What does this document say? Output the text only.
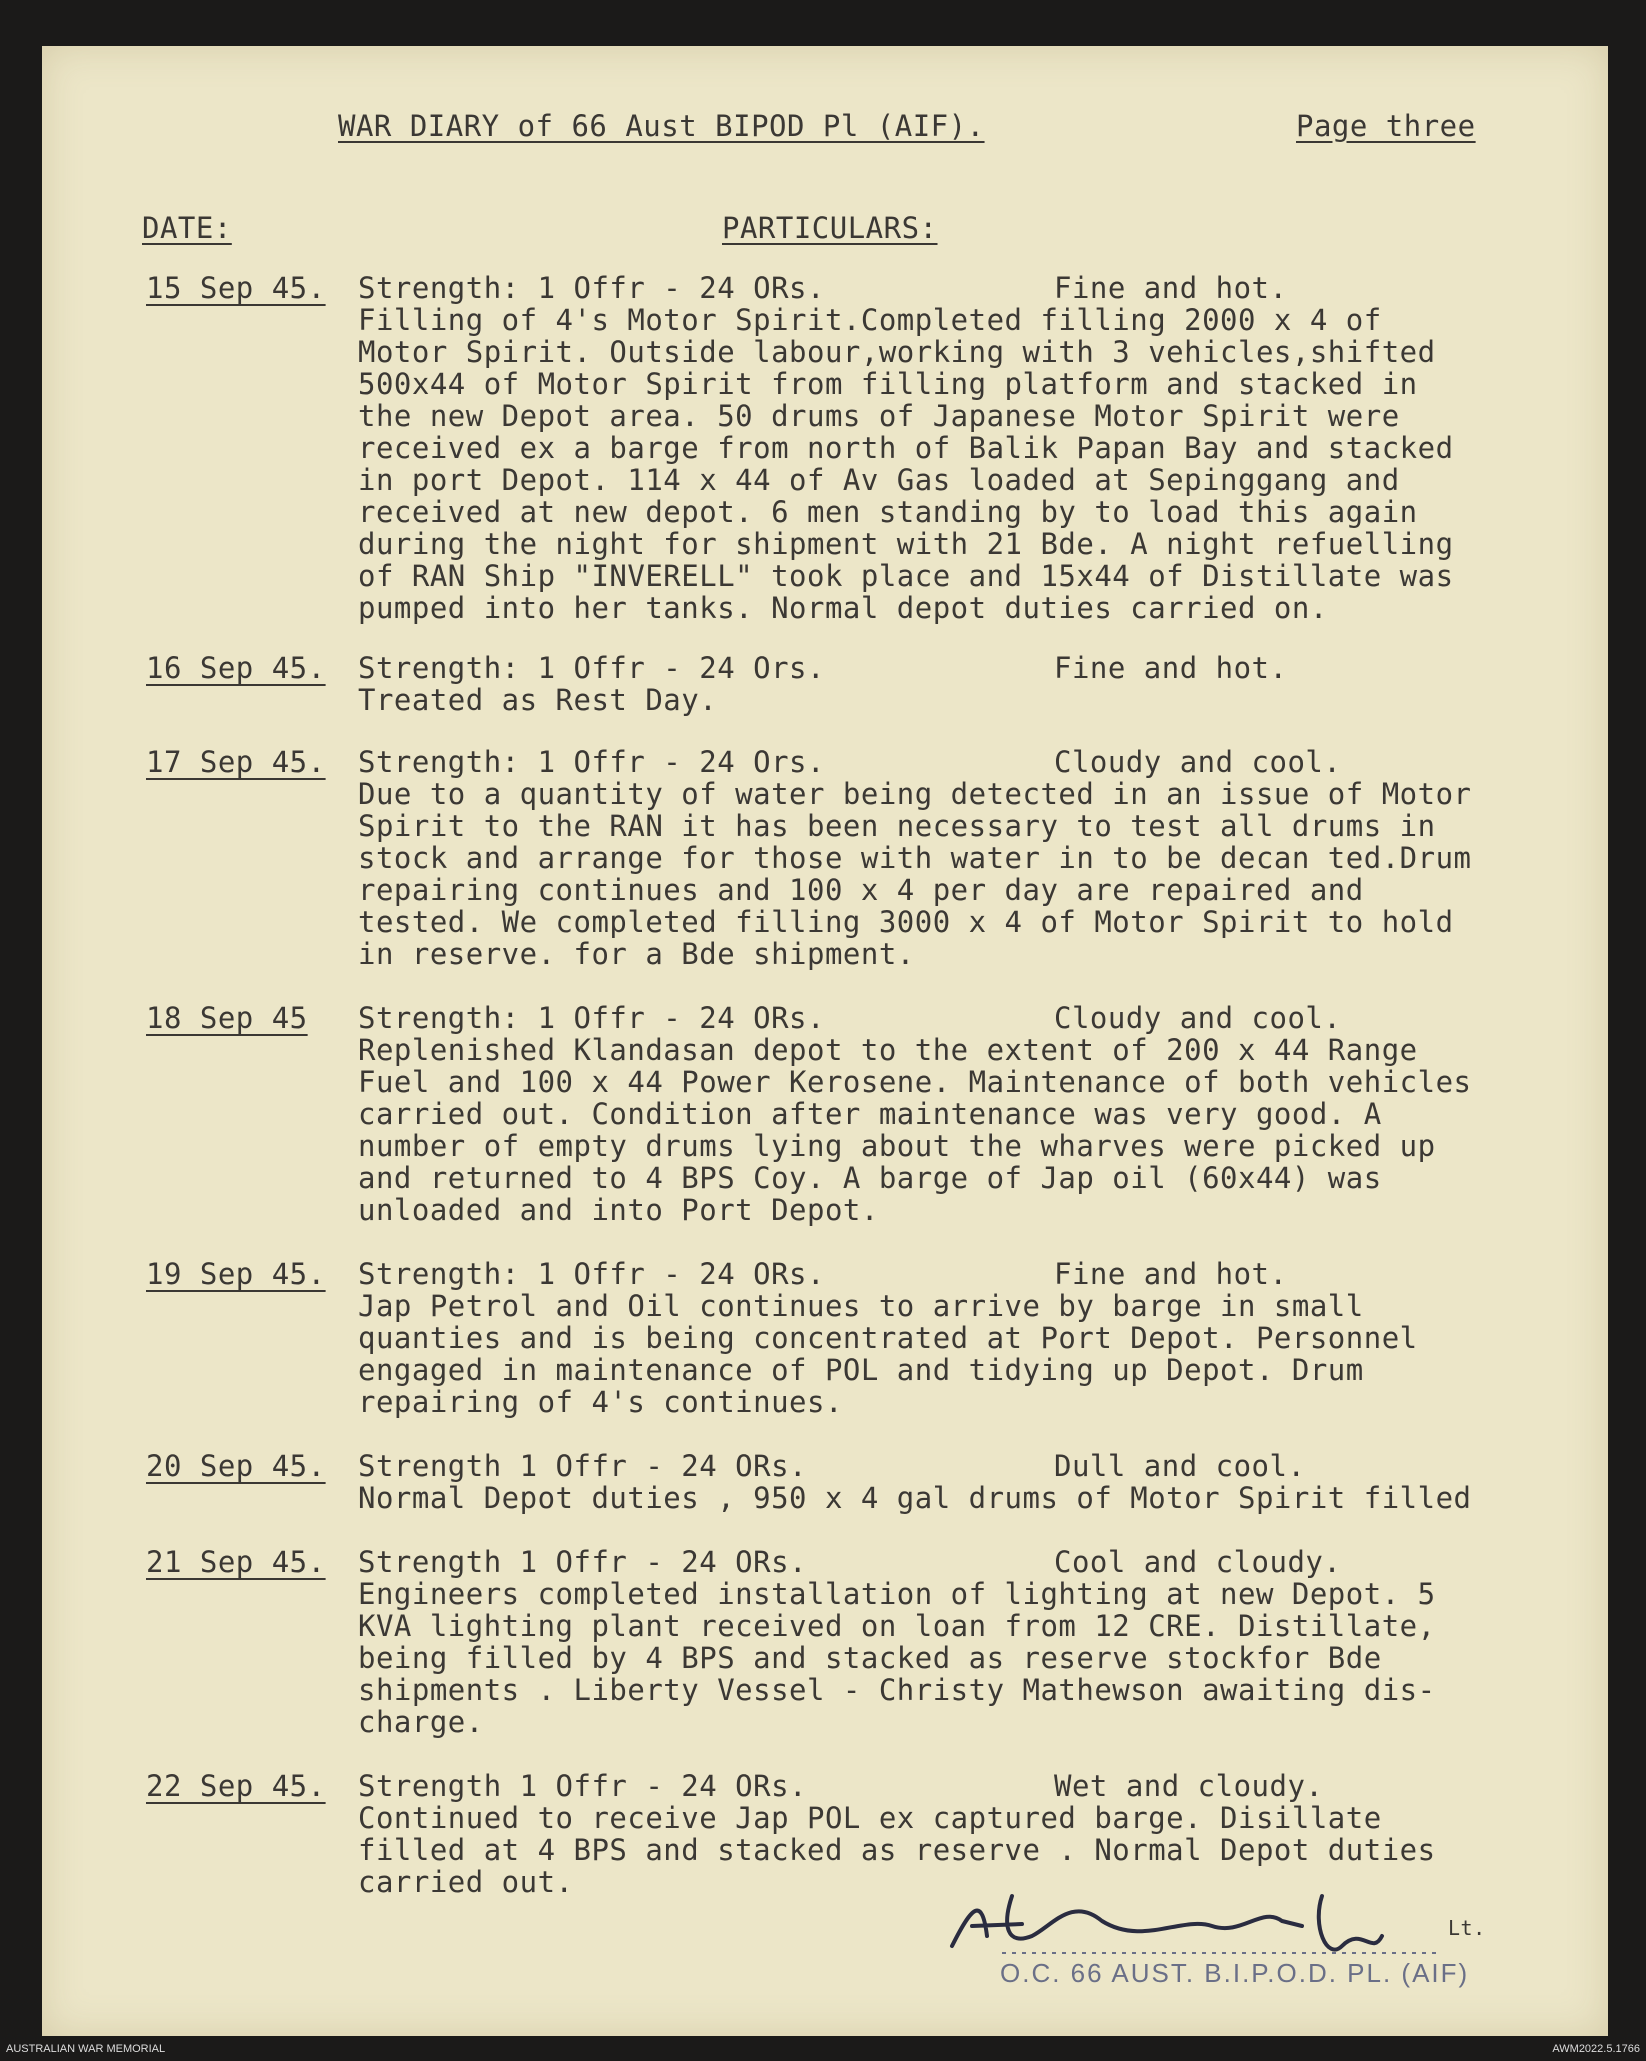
WAR DIARY of 66 Aust BIPOD Pl (AIF).	Page three
DATE:	PARTICULARS:
15 Sep 45. Strength: 1 Offr - 24 ORs.	Fine and hot.
Filling of 4's Motor Spirit.Completed filling 2000 x 4 of
Motor Spirit. Outside labour,working with 3 vehicles,shifted
500x44 of Motor Spirit from filling platform and stacked in
the new Depot area. 50 drums of Japanese Motor Spirit were
received ex a barge from north of Balik Papan Bay and stacked
in port Depot. 114 x 44 of Av Gas loaded at Sepinggang and
received at new depot. 6 men standing by to load this again
during the night for shipment with 21 Bde. A night refuelling
of RAN Ship "INVERELL" took place and 15x44 of Distillate was
pumped into her tanks. Normal depot duties carried on.
16 Sep 45. Strength: 1 Offr - 24 Ors.	Fine and hot.
Treated as Rest Day.
17 Sep 45. Strength: 1 Offr - 24 Ors.	Cloudy and cool.
Due to a quantity of water being detected in an issue of Motor
Spirit to the RAN it has been necessary to test all drums in
stock and arrange for those with water in to be decan ted.Drum
repairing continues and 100 x 4 per day are repaired and
tested. We completed filling 3000 x 4 of Motor Spirit to hold
in reserve. for a Bde shipment.
18 Sep 45 Strength: 1 Offr - 24 ORs.	Cloudy and cool.
Replenished Klandasan depot to the extent of 200 x 44 Range
Fuel and 100 x 44 Power Kerosene. Maintenance of both vehicles
carried out. Condition after maintenance was very good. A
number of empty drums lying about the wharves were picked up
and returned to 4 BPS Coy. A barge of Jap oil (60x44) was
unloaded and into Port Depot.
19 Sep 45. Strength: 1 Offr - 24 ORs.	Fine and hot.
Jap Petrol and Oil continues to arrive by barge in small
quanties and is being concentrated at Port Depot. Personnel
engaged in maintenance of POL and tidying up Depot. Drum
repairing of 4's continues.
20 Sep 45. Strength 1 Offr - 24 ORs.	Dull and cool.
Normal Depot duties , 950 x 4 gal drums of Motor Spirit filled
21 Sep 45. Strength 1 Offr - 24 ORs.	Cool and cloudy.
Engineers completed installation of lighting at new Depot. 5
KVA lighting plant received on loan from 12 CRE. Distillate,
being filled by 4 BPS and stacked as reserve stockfor Bde
shipments . Liberty Vessel - Christy Mathewson awaiting dis-
charge.
22 Sep 45. Strength 1 Offr - 24 ORs.	Wet and cloudy.
Continued to receive Jap POL ex captured barge. Disillate
filled at 4 BPS and stacked as reserve . Normal Depot duties
carried out.
Lt.
O.C. 66 AUST. B.I.P.O.D. PL. (AIF)
AUSTRALIAN WAR MEMORIAL	AWM2022.5.1766
